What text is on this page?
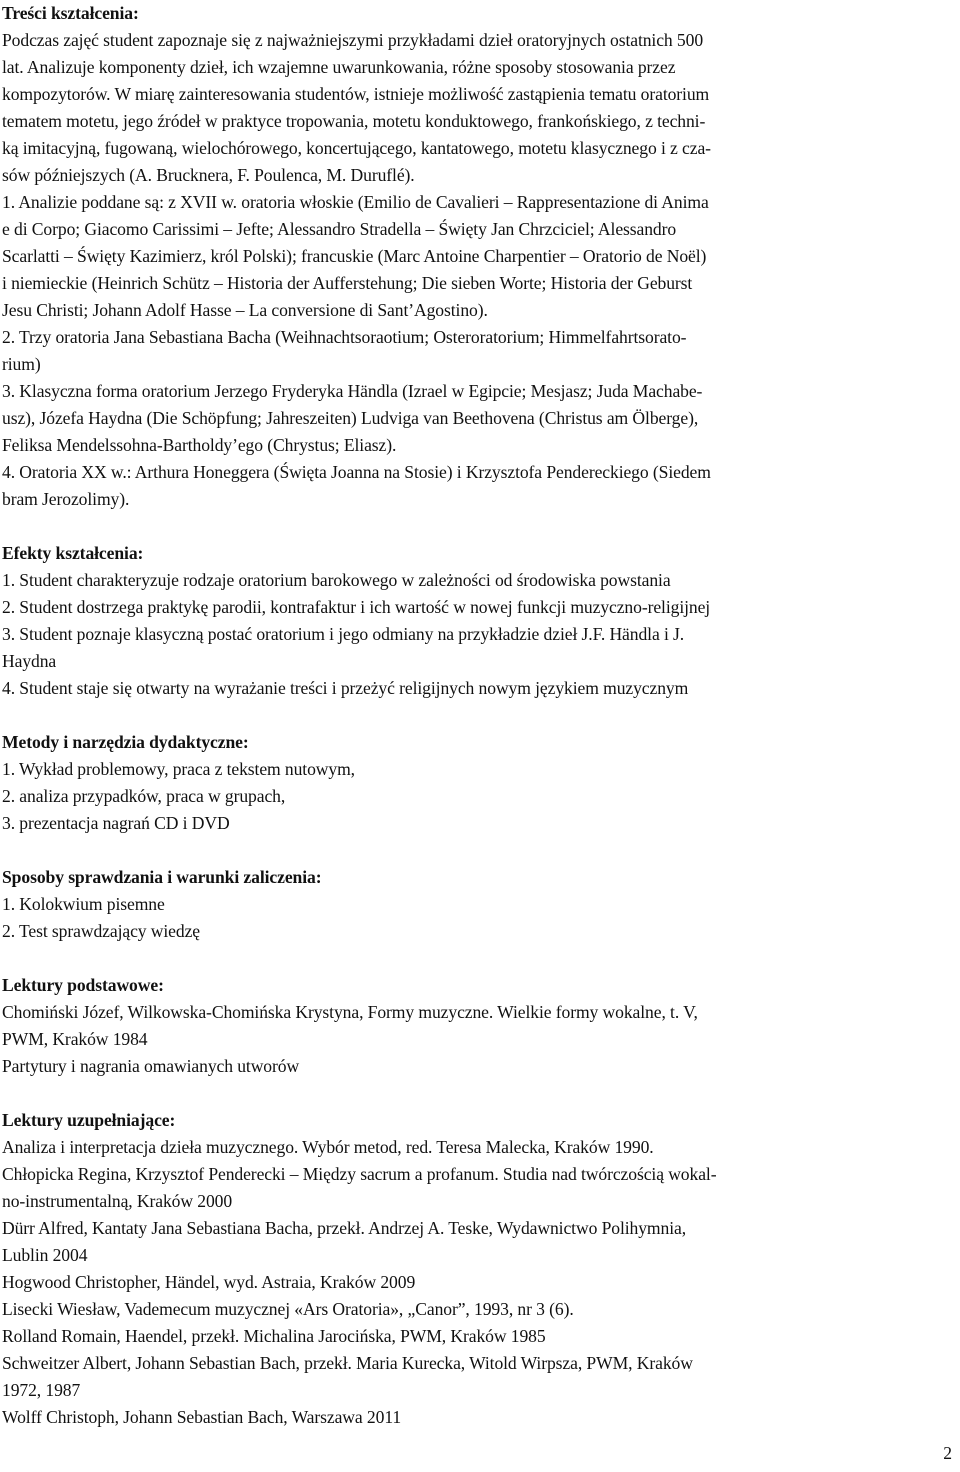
Treści kształcenia:
Podczas zajęć student zapoznaje się z najważniejszymi przykładami dzieł oratoryjnych ostatnich 500
lat. Analizuje komponenty dzieł, ich wzajemne uwarunkowania, różne sposoby stosowania przez
kompozytorów. W miarę zainteresowania studentów, istnieje możliwość zastąpienia tematu oratorium
tematem motetu, jego źródeł w praktyce tropowania, motetu konduktowego, frankońskiego, z techni-
ką imitacyjną, fugowaną, wielochórowego, koncertującego, kantatowego, motetu klasycznego i z cza-
sów późniejszych (A. Brucknera, F. Poulenca, M. Duruflé).
1. Analizie poddane są: z XVII w. oratoria włoskie (Emilio de Cavalieri – Rappresentazione di Anima
e di Corpo; Giacomo Carissimi – Jefte; Alessandro Stradella – Święty Jan Chrzciciel; Alessandro
Scarlatti – Święty Kazimierz, król Polski); francuskie (Marc Antoine Charpentier – Oratorio de Noël)
i niemieckie (Heinrich Schütz – Historia der Aufferstehung; Die sieben Worte; Historia der Geburst
Jesu Christi; Johann Adolf Hasse – La conversione di Sant’Agostino).
2. Trzy oratoria Jana Sebastiana Bacha (Weihnachtsoraotium; Osteroratorium; Himmelfahrtsorato-
rium)
3. Klasyczna forma oratorium Jerzego Fryderyka Händla (Izrael w Egipcie; Mesjasz; Juda Machabe-
usz), Józefa Haydna (Die Schöpfung; Jahreszeiten) Ludviga van Beethovena (Christus am Ölberge),
Feliksa Mendelssohna-Bartholdy’ego (Chrystus; Eliasz).
4. Oratoria XX w.: Arthura Honeggera (Święta Joanna na Stosie) i Krzysztofa Pendereckiego (Siedem
bram Jerozolimy).
Efekty kształcenia:
1. Student charakteryzuje rodzaje oratorium barokowego w zależności od środowiska powstania
2. Student dostrzega praktykę parodii, kontrafaktur i ich wartość w nowej funkcji muzyczno-religijnej
3. Student poznaje klasyczną postać oratorium i jego odmiany na przykładzie dzieł J.F. Händla i J.
Haydna
4. Student staje się otwarty na wyrażanie treści i przeżyć religijnych nowym językiem muzycznym
Metody i narzędzia dydaktyczne:
1. Wykład problemowy, praca z tekstem nutowym,
2. analiza przypadków, praca w grupach,
3. prezentacja nagrań CD i DVD
Sposoby sprawdzania i warunki zaliczenia:
1. Kolokwium pisemne
2. Test sprawdzający wiedzę
Lektury podstawowe:
Chomiński Józef, Wilkowska-Chomińska Krystyna, Formy muzyczne. Wielkie formy wokalne, t. V,
PWM, Kraków 1984
Partytury i nagrania omawianych utworów
Lektury uzupełniające:
Analiza i interpretacja dzieła muzycznego. Wybór metod, red. Teresa Malecka, Kraków 1990.
Chłopicka Regina, Krzysztof Penderecki – Między sacrum a profanum. Studia nad twórczością wokal-
no-instrumentalną, Kraków 2000
Dürr Alfred, Kantaty Jana Sebastiana Bacha, przekł. Andrzej A. Teske, Wydawnictwo Polihymnia,
Lublin 2004
Hogwood Christopher, Händel, wyd. Astraia, Kraków 2009
Lisecki Wiesław, Vademecum muzycznej «Ars Oratoria», „Canor”, 1993, nr 3 (6).
Rolland Romain, Haendel, przekł. Michalina Jarocińska, PWM, Kraków 1985
Schweitzer Albert, Johann Sebastian Bach, przekł. Maria Kurecka, Witold Wirpsza, PWM, Kraków
1972, 1987
Wolff Christoph, Johann Sebastian Bach, Warszawa 2011
2
